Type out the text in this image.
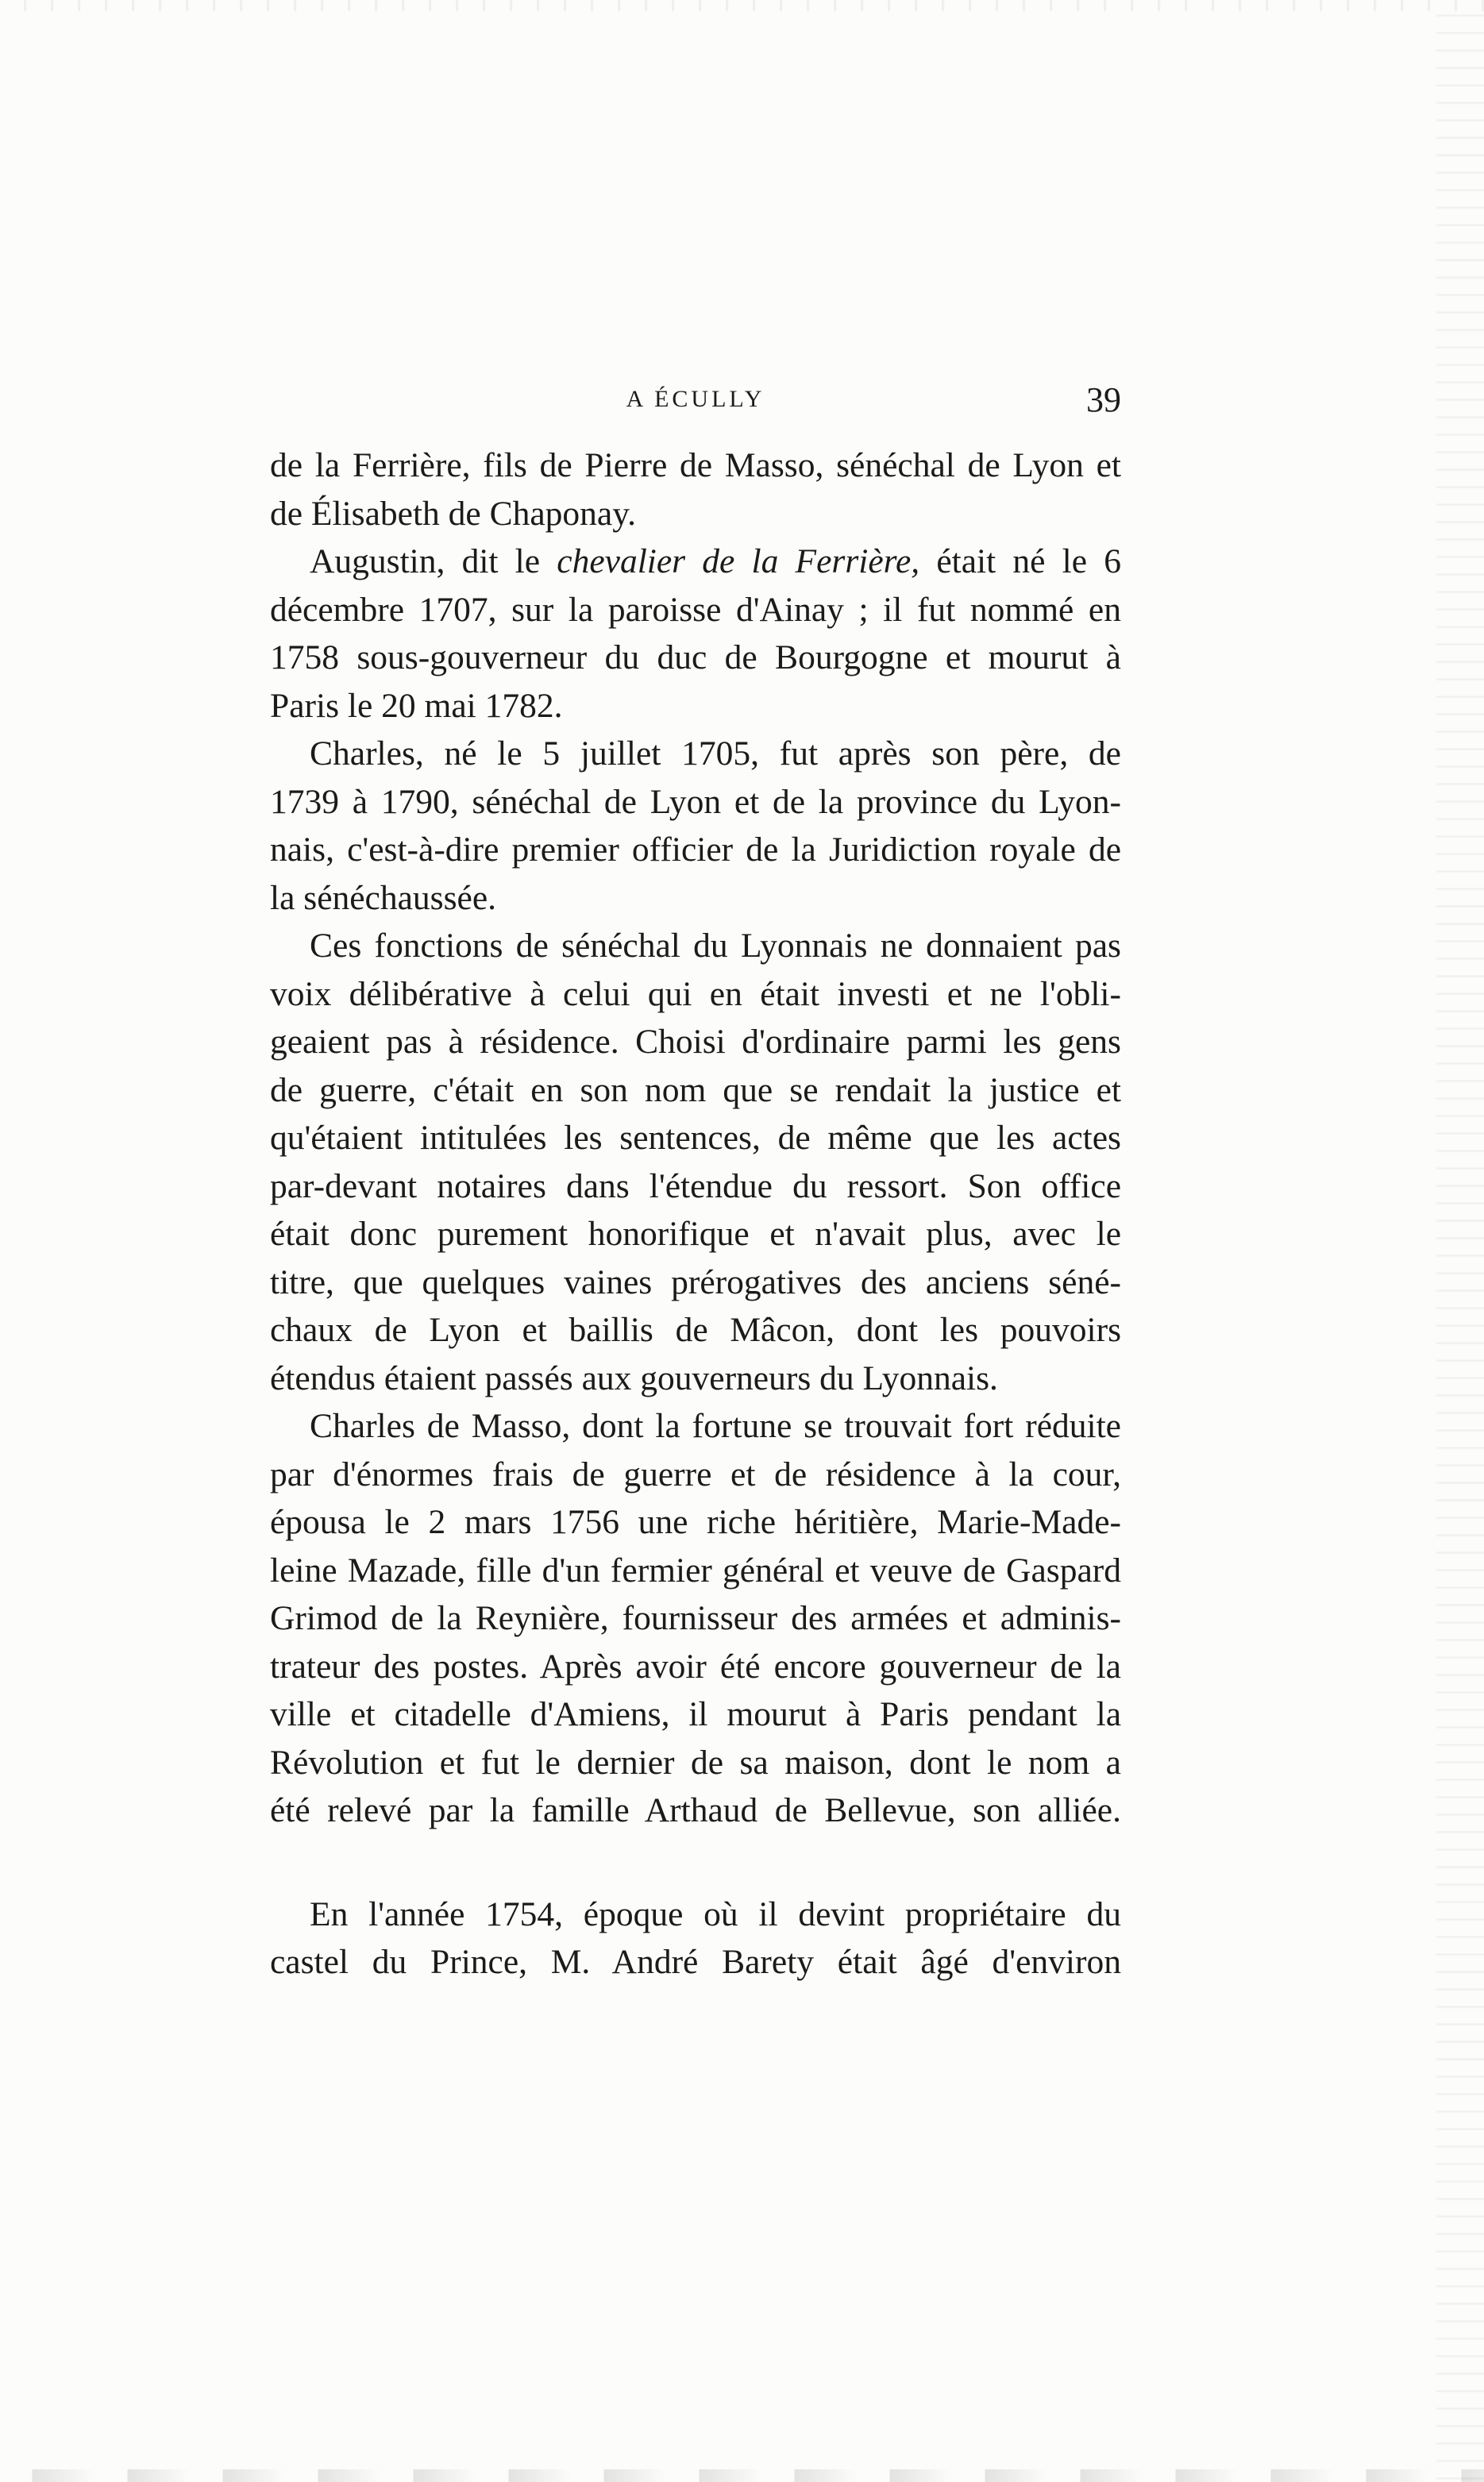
A ÉCULLY	39
de la Ferrière, fils de Pierre de Masso, sénéchal de Lyon et
de Élisabeth de Chaponay.
Augustin, dit le chevalier de la Ferrière, était né le 6
décembre 1707, sur la paroisse d'Ainay ; il fut nommé en
1758 sous-gouverneur du duc de Bourgogne et mourut à
Paris le 20 mai 1782.
Charles, né le 5 juillet 1705, fut après son père, de
1739 à 1790, sénéchal de Lyon et de la province du Lyon-
nais, c'est-à-dire premier officier de la Juridiction royale de
la sénéchaussée.
Ces fonctions de sénéchal du Lyonnais ne donnaient pas
voix délibérative à celui qui en était investi et ne l'obli-
geaient pas à résidence. Choisi d'ordinaire parmi les gens
de guerre, c'était en son nom que se rendait la justice et
qu'étaient intitulées les sentences, de même que les actes
par-devant notaires dans l'étendue du ressort. Son office
était donc purement honorifique et n'avait plus, avec le
titre, que quelques vaines prérogatives des anciens séné-
chaux de Lyon et baillis de Mâcon, dont les pouvoirs
étendus étaient passés aux gouverneurs du Lyonnais.
Charles de Masso, dont la fortune se trouvait fort réduite
par d'énormes frais de guerre et de résidence à la cour,
épousa le 2 mars 1756 une riche héritière, Marie-Made-
leine Mazade, fille d'un fermier général et veuve de Gaspard
Grimod de la Reynière, fournisseur des armées et adminis-
trateur des postes. Après avoir été encore gouverneur de la
ville et citadelle d'Amiens, il mourut à Paris pendant la
Révolution et fut le dernier de sa maison, dont le nom a
été relevé par la famille Arthaud de Bellevue, son alliée.
En l'année 1754, époque où il devint propriétaire du
castel du Prince, M. André Barety était âgé d'environ
